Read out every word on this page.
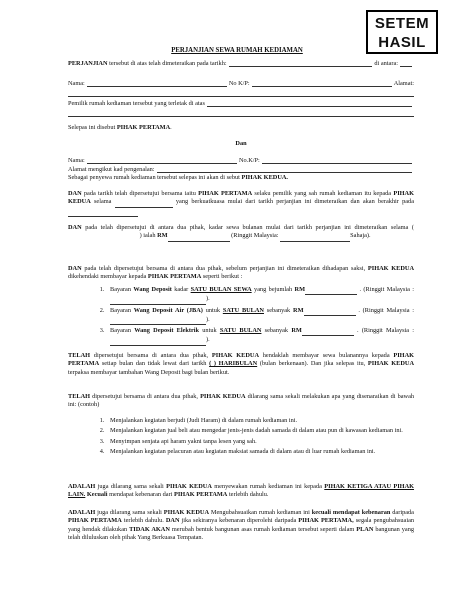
SETEM
HASIL
PERJANJIAN SEWA RUMAH KEDIAMAN
PERJANJIAN
tersebut di atas telah dimeteraikan pada tarikh:	di antara:
Nama:	No K/P:	Alamat:
Pemilik rumah kediaman tersebut yang terletak di atas
Selepas ini disebut PIHAK PERTAMA.
Dan
Nama:	No.K/P:
Alamat mengikut kad pengenalan:
Sebagai penyewa rumah kediaman tersebut selepas ini akan di sebut PIHAK KEDUA.
DAN pada tarikh telah dipersetujui bersama iaitu PIHAK PERTAMA selaku pemilik yang sah rumah kediaman itu kepada PIHAK KEDUA selama	yang berkuatkuasa mulai dari tarikh perjanjian ini dimeteraikan dan akan berakhir pada
DAN pada telah dipersetujui di antara dua pihak, kadar sewa bulanan mulai dari tarikh perjanjian ini dimeteraikan selama (  ) ialah RM	(Ringgit Malaysia:	Sahaja).
DAN pada telah dipersetujui bersama di antara dua pihak, sebelum perjanjian ini dimeteraikan dihadapan saksi, PIHAK KEDUA dikehendaki membayar kepada PIHAK PERTAMA seperti berikut :
1. Bayaran Wang Deposit kadar SATU BULAN SEWA yang bejumlah RM	. (Ringgit Malaysia :  ).
2. Bayaran Wang Deposit Air (JBA) untuk SATU BULAN sebanyak RM	. (Ringgit Malaysia :  ).
3. Bayaran Wang Deposit Elektrik untuk SATU BULAN sebanyak RM	. (Ringgit Malaysia :  ).
TELAH dipersetujui bersama di antara dua pihak, PIHAK KEDUA hendaklah membayar sewa bulanannya kepada PIHAK PERTAMA setiap bulan dan tidak lewat dari tarikh ( ) HARIBULAN (bulan berkenaan). Dan jika selepas itu, PIHAK KEDUA terpaksa membayar tambahan Wang Deposit bagi bulan berikut.
TELAH dipersetujui bersama di antara dua pihak, PIHAK KEDUA dilarang sama sekali melakukan apa yang disenaraikan di bawah ini: (contoh)
1. Menjalankan kegiatan berjudi (Judi Haram) di dalam rumah kediaman ini.
2. Menjalankan kegiatan jual beli atau mengedar jenis-jenis dadah samada di dalam atau pun di kawasan kediaman ini.
3. Menyimpan senjata api haram yakni tanpa lesen yang sah.
4. Menjalankan kegiatan pelacuran atau kegiatan maksiat samada di dalam atau di luar rumah kediaman ini.
ADALAH juga dilarang sama sekali PIHAK KEDUA menyewakan rumah kediaman ini kepada PIHAK KETIGA ATAU PIHAK LAIN. Kecuali mendapat kebenaran dari PIHAK PERTAMA terlebih dahulu.
ADALAH juga dilarang sama sekali PIHAK KEDUA Mengubahsuaikan rumah kediaman ini kecuali mendapat kebenaran daripada PIHAK PERTAMA terlebih dahulu. DAN jika sekiranya kebenaran diperolehi daripada PIHAK PERTAMA, segala pengubahsuaian yang hendak dilakukan TIDAK AKAN merubah bentuk bangunan asas rumah kediaman tersebut seperti dalam PLAN bangunan yang telah diluluskan oleh pihak Yang Berkuasa Tempatan.
